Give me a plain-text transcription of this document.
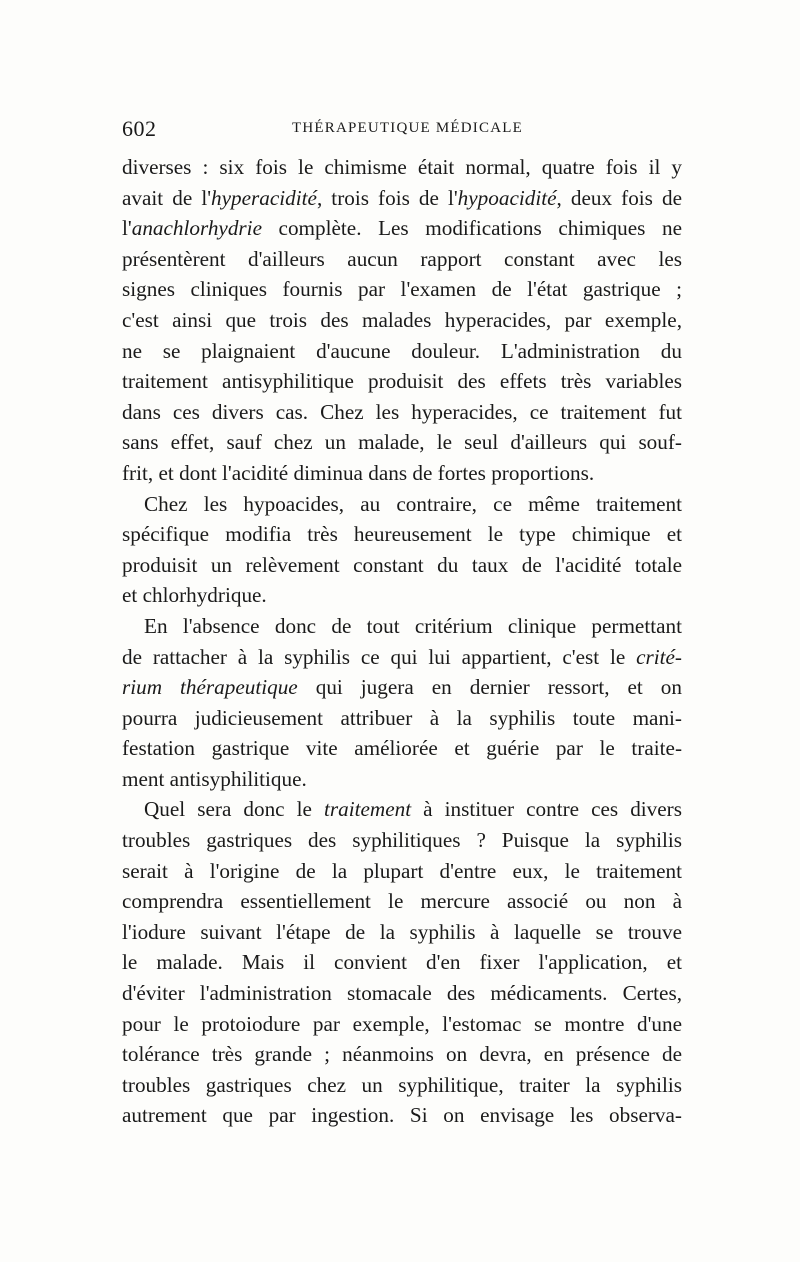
602	THÉRAPEUTIQUE MÉDICALE
diverses : six fois le chimisme était normal, quatre fois il y
avait de l'hyperacidité, trois fois de l'hypoacidité, deux fois de
l'anachlorhydrie complète. Les modifications chimiques ne
présentèrent d'ailleurs aucun rapport constant avec les
signes cliniques fournis par l'examen de l'état gastrique ;
c'est ainsi que trois des malades hyperacides, par exemple,
ne se plaignaient d'aucune douleur. L'administration du
traitement antisyphilitique produisit des effets très variables
dans ces divers cas. Chez les hyperacides, ce traitement fut
sans effet, sauf chez un malade, le seul d'ailleurs qui souf-
frit, et dont l'acidité diminua dans de fortes proportions.
Chez les hypoacides, au contraire, ce même traitement
spécifique modifia très heureusement le type chimique et
produisit un relèvement constant du taux de l'acidité totale
et chlorhydrique.
En l'absence donc de tout critérium clinique permettant
de rattacher à la syphilis ce qui lui appartient, c'est le crité-
rium thérapeutique qui jugera en dernier ressort, et on
pourra judicieusement attribuer à la syphilis toute mani-
festation gastrique vite améliorée et guérie par le traite-
ment antisyphilitique.
Quel sera donc le traitement à instituer contre ces divers
troubles gastriques des syphilitiques ? Puisque la syphilis
serait à l'origine de la plupart d'entre eux, le traitement
comprendra essentiellement le mercure associé ou non à
l'iodure suivant l'étape de la syphilis à laquelle se trouve
le malade. Mais il convient d'en fixer l'application, et
d'éviter l'administration stomacale des médicaments. Certes,
pour le protoiodure par exemple, l'estomac se montre d'une
tolérance très grande ; néanmoins on devra, en présence de
troubles gastriques chez un syphilitique, traiter la syphilis
autrement que par ingestion. Si on envisage les observa-
